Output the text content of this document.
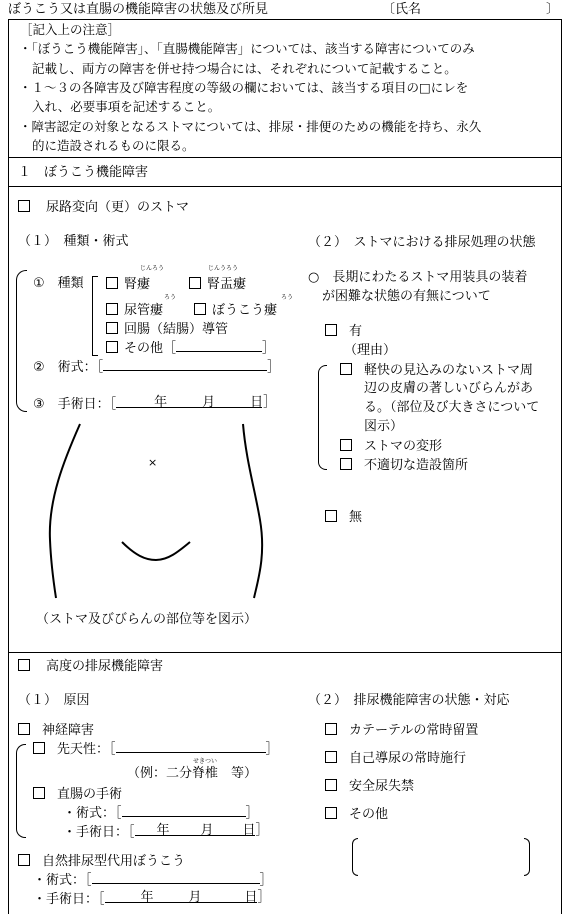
ぼうこう又は直腸の機能障害の状態及び所見	〔氏名	〕
［記入上の注意］
・「ぼうこう機能障害」、「直腸機能障害」については、該当する障害についてのみ
記載し、両方の障害を併せ持つ場合には、それぞれについて記載すること。
・１～３の各障害及び障害程度の等級の欄においては、該当する項目の□にレを
入れ、必要事項を記述すること。
・障害認定の対象となるストマについては、排尿・排便のための機能を持ち、永久
的に造設されるものに限る。
１　ぼうこう機能障害
尿路変向（更）のストマ
（１）　種類・術式
①　種類
じんろう	じんうろう
ろう	ろう
腎瘻	腎盂瘻
尿管瘻	ぼうこう瘻
回腸（結腸）導管
その他［	］
②　術式：［	］
③　手術日：［	年	月	日］
×
（ストマ及びびらんの部位等を図示）
（２）　ストマにおける排尿処理の状態
○　長期にわたるストマ用装具の装着
が困難な状態の有無について
有
（理由）
軽快の見込みのないストマ周
辺の皮膚の著しいびらんがあ
る。（部位及び大きさについて
図示）
ストマの変形
不適切な造設箇所
無
高度の排尿機能障害
（１）　原因
神経障害
先天性：［	］
せきつい
（例：二分脊椎　等）
直腸の手術
・術式：［	］
・手術日：［ 年 月 日］
自然排尿型代用ぼうこう
・術式：［	］
・手術日：［	年	月	日］
（２）　排尿機能障害の状態・対応
カテーテルの常時留置
自己導尿の常時施行
安全尿失禁
その他
